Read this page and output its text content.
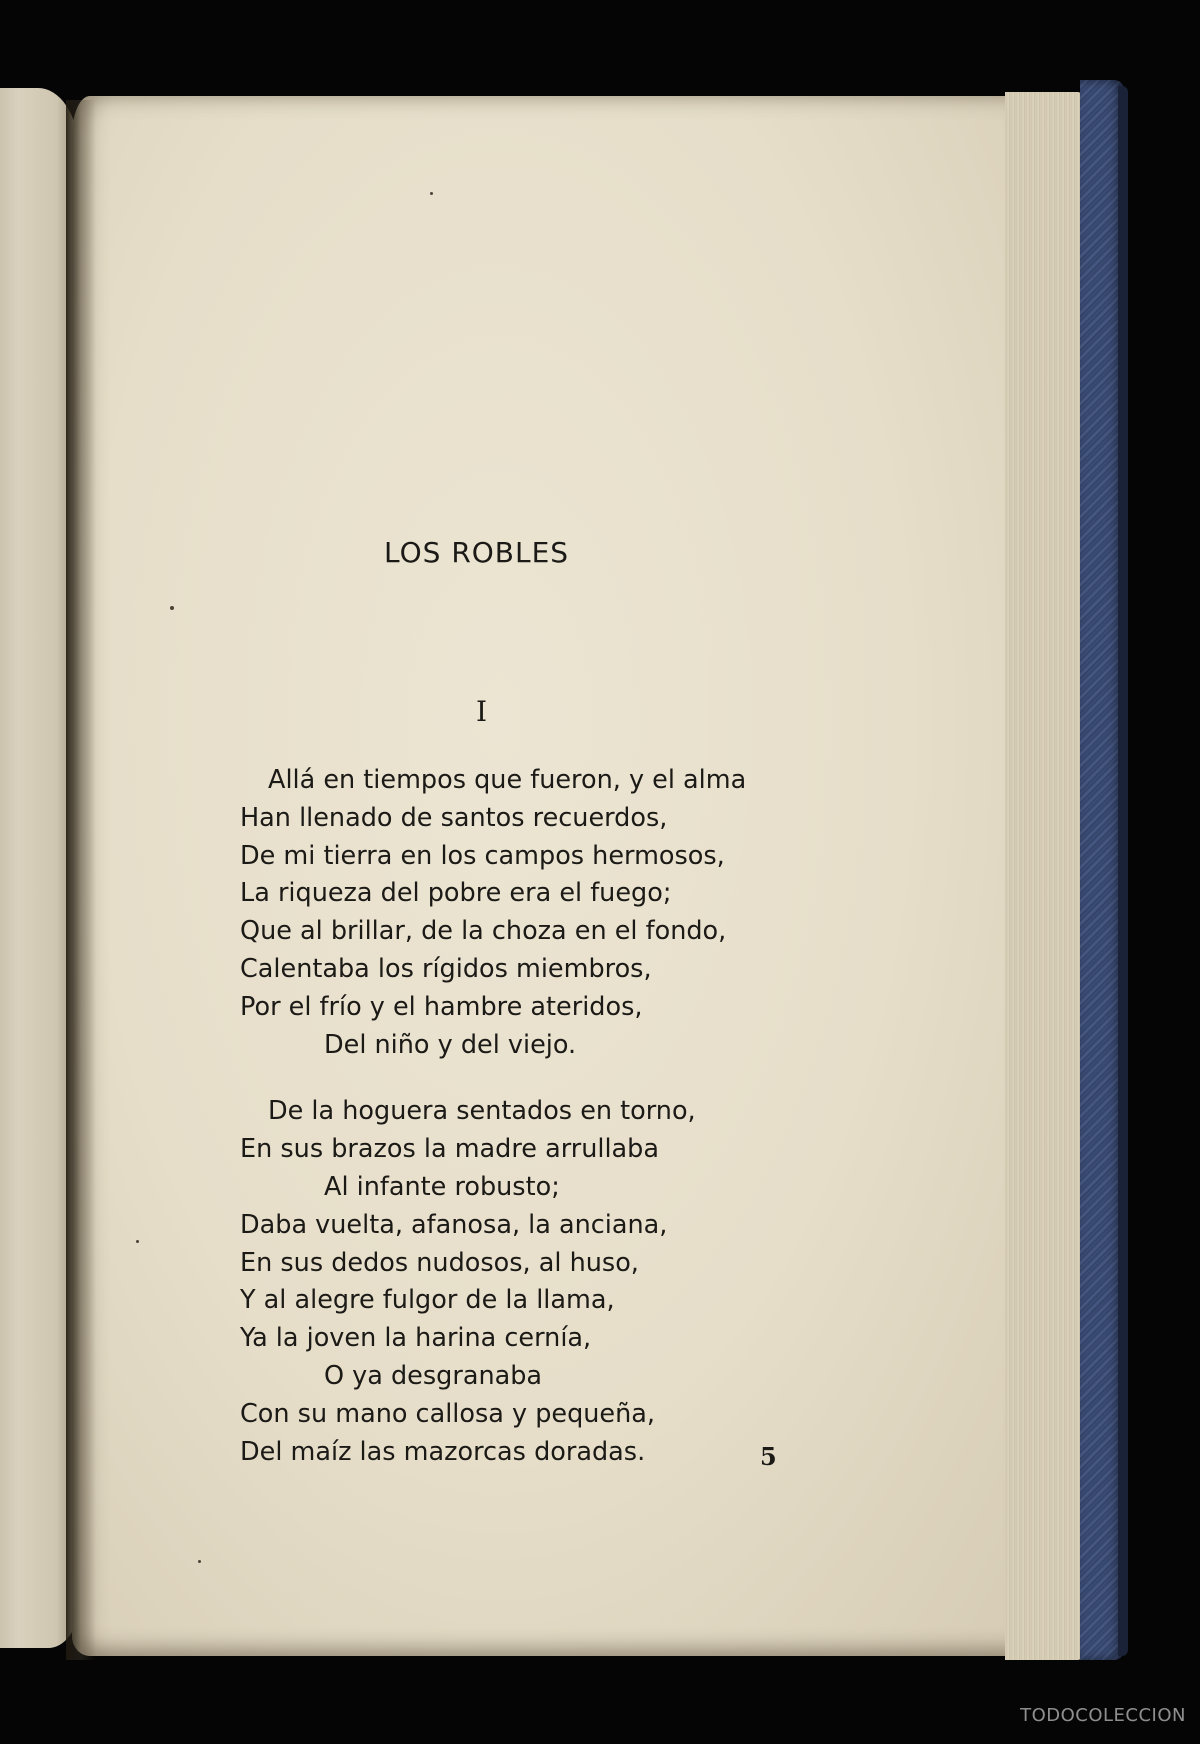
LOS ROBLES
I
Allá en tiempos que fueron, y el alma
Han llenado de santos recuerdos,
De mi tierra en los campos hermosos,
La riqueza del pobre era el fuego;
Que al brillar, de la choza en el fondo,
Calentaba los rígidos miembros,
Por el frío y el hambre ateridos,
Del niño y del viejo.
De la hoguera sentados en torno,
En sus brazos la madre arrullaba
Al infante robusto;
Daba vuelta, afanosa, la anciana,
En sus dedos nudosos, al huso,
Y al alegre fulgor de la llama,
Ya la joven la harina cernía,
O ya desgranaba
Con su mano callosa y pequeña,
Del maíz las mazorcas doradas.	5
TODOCOLECCION
